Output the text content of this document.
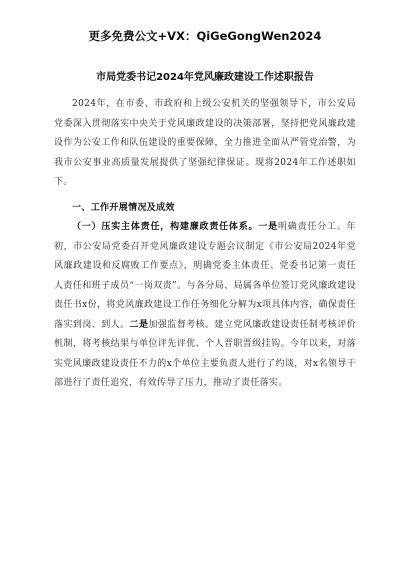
更多免费公文+VX：QiGeGongWen2024
市局党委书记2024年党风廉政建设工作述职报告

2024年，在市委、市政府和上级公安机关的坚强领导下，市公安局党委深入贯彻落实中央关于党风廉政建设的决策部署，坚持把党风廉政建设作为公安工作和队伍建设的重要保障，全力推进全面从严管党治警，为我市公安事业高质量发展提供了坚强纪律保证。现将2024年工作述职如下。

一、工作开展情况及成效

（一）压实主体责任，构建廉政责任体系。一是明确责任分工。年初，市公安局党委召开党风廉政建设专题会议制定《市公安局2024年党风廉政建设和反腐败工作要点》，明确党委主体责任、党委书记第一责任人责任和班子成员“一岗双责”。与各分局、局属各单位签订党风廉政建设责任书x份，将党风廉政建设工作任务细化分解为x项具体内容，确保责任落实到岗、到人。二是加强监督考核。建立党风廉政建设责任制考核评价机制，将考核结果与单位评先评优、个人晋职晋级挂钩。今年以来，对落实党风廉政建设责任不力的x个单位主要负责人进行了约谈，对x名领导干部进行了责任追究，有效传导了压力，推动了责任落实。
